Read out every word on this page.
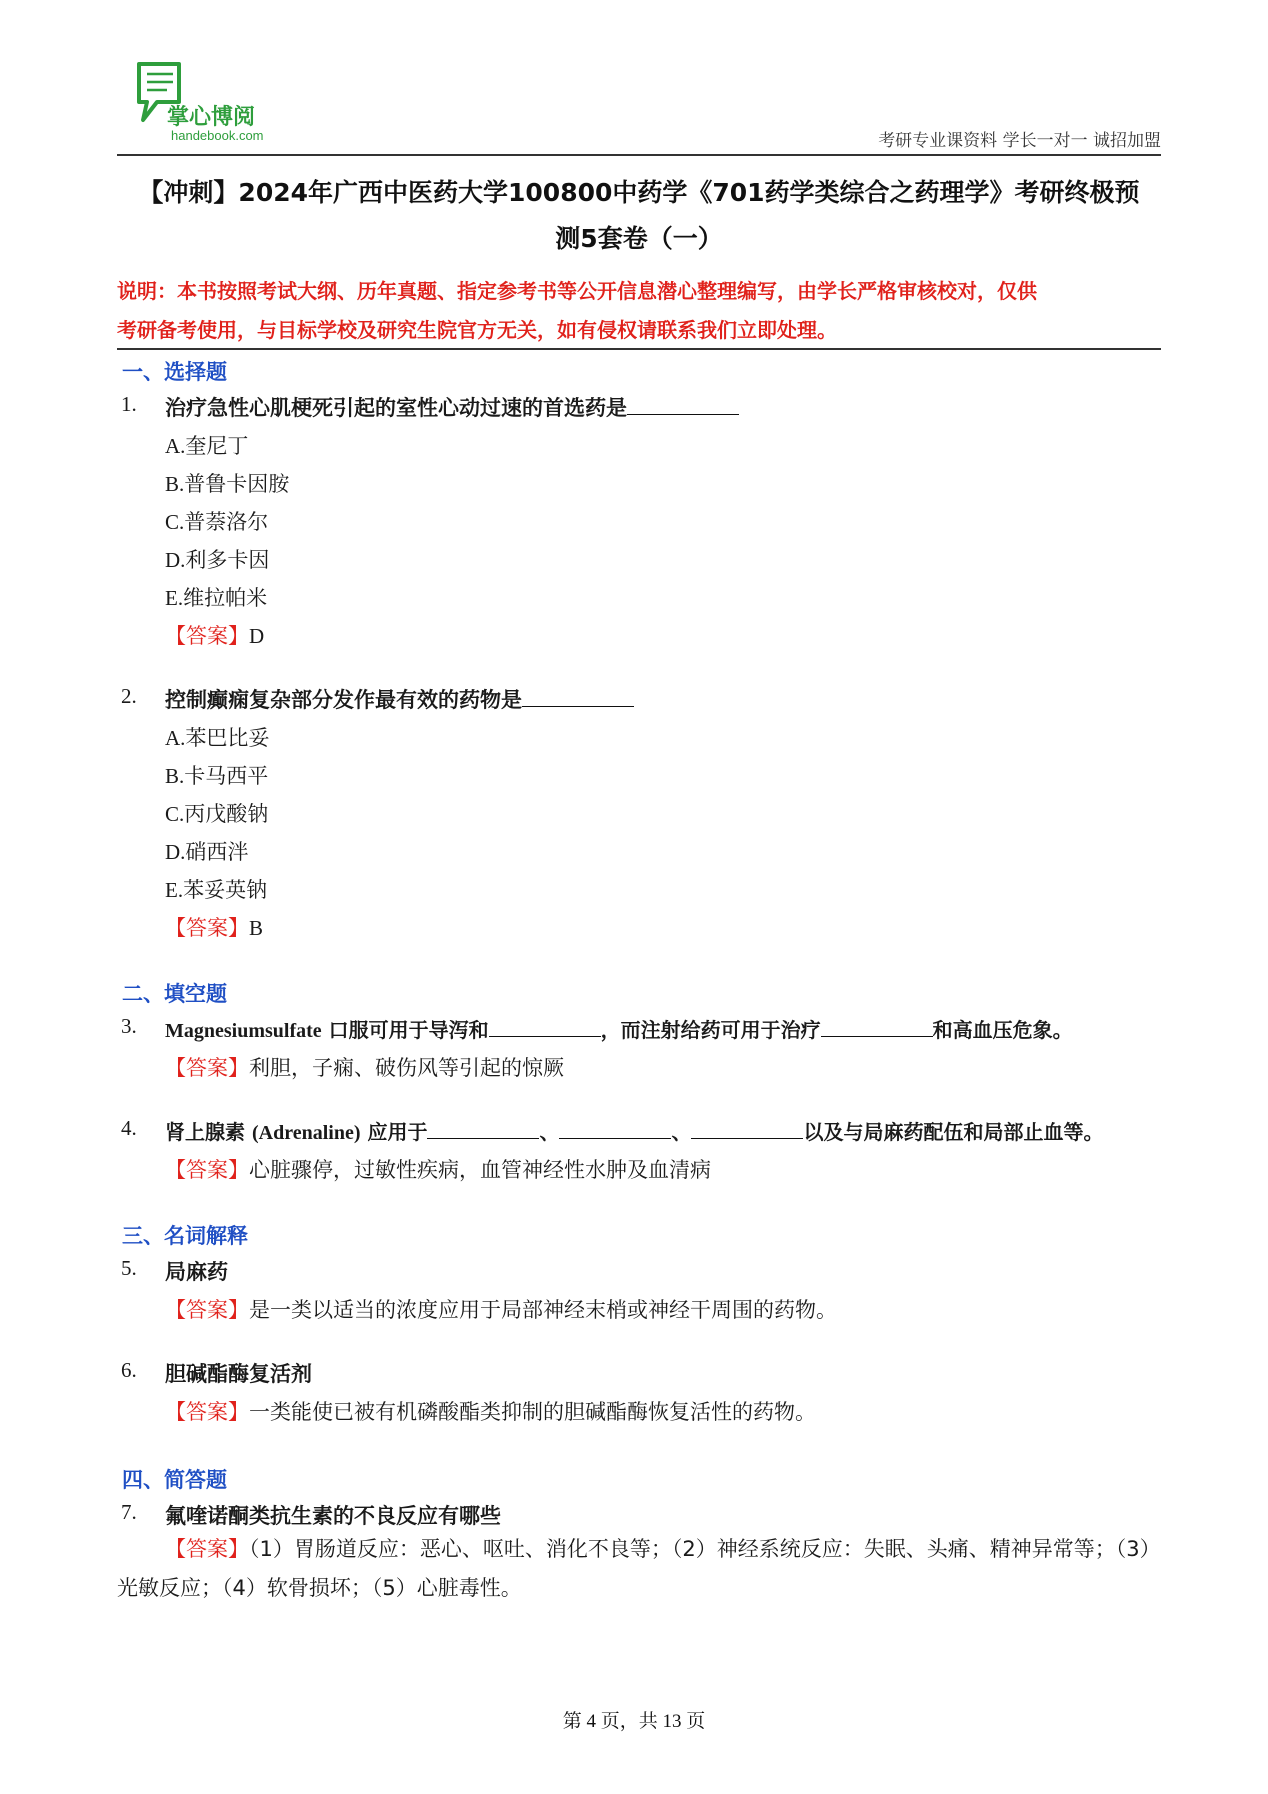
掌心博阅
handebook.com	考研专业课资料 学长一对一 诚招加盟
【冲刺】2024年广西中医药大学100800中药学《701药学类综合之药理学》考研终极预
测5套卷（一）
说明：本书按照考试大纲、历年真题、指定参考书等公开信息潜心整理编写，由学长严格审核校对，仅供
考研备考使用，与目标学校及研究生院官方无关，如有侵权请联系我们立即处理。
一、选择题
1. 治疗急性心肌梗死引起的室性心动过速的首选药是
A.奎尼丁
B.普鲁卡因胺
C.普萘洛尔
D.利多卡因
E.维拉帕米
【答案】D
2. 控制癫痫复杂部分发作最有效的药物是
A.苯巴比妥
B.卡马西平
C.丙戊酸钠
D.硝西泮
E.苯妥英钠
【答案】B
二、填空题
3. Magnesiumsulfate 口服可用于导泻和	，而注射给药可用于治疗	和高血压危象。
【答案】利胆，子痫、破伤风等引起的惊厥
4. 肾上腺素 (Adrenaline) 应用于	、	、	以及与局麻药配伍和局部止血等。
【答案】心脏骤停，过敏性疾病，血管神经性水肿及血清病
三、名词解释
5. 局麻药
【答案】是一类以适当的浓度应用于局部神经末梢或神经干周围的药物。
6. 胆碱酯酶复活剂
【答案】一类能使已被有机磷酸酯类抑制的胆碱酯酶恢复活性的药物。
四、简答题
7. 氟喹诺酮类抗生素的不良反应有哪些
【答案】（1）胃肠道反应：恶心、呕吐、消化不良等；（2）神经系统反应：失眠、头痛、精神异常等；（3）光敏反应；（4）软骨损坏；（5）心脏毒性。
第 4 页，共 13 页
